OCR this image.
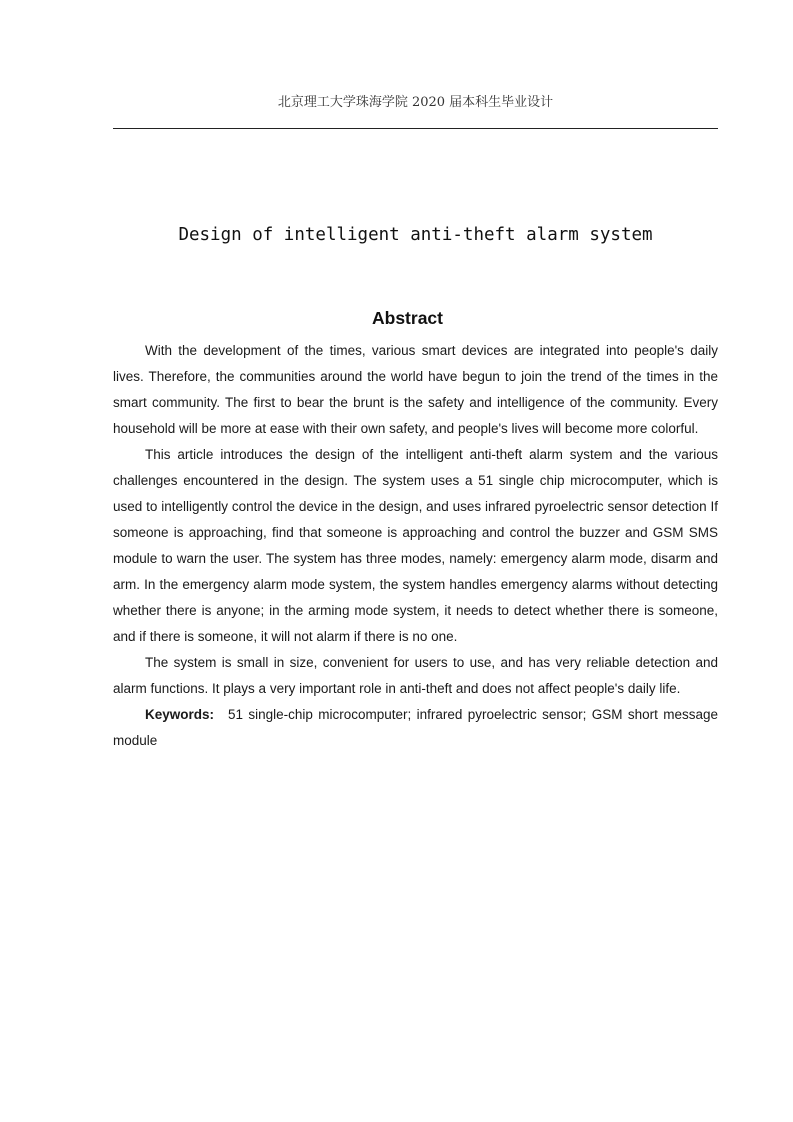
北京理工大学珠海学院 2020 届本科生毕业设计
Design of intelligent anti-theft alarm system
Abstract

With the development of the times, various smart devices are integrated into people's daily lives. Therefore, the communities around the world have begun to join the trend of the times in the smart community. The first to bear the brunt is the safety and intelligence of the community. Every household will be more at ease with their own safety, and people's lives will become more colorful.

This article introduces the design of the intelligent anti-theft alarm system and the various challenges encountered in the design. The system uses a 51 single chip microcomputer, which is used to intelligently control the device in the design, and uses infrared pyroelectric sensor detection If someone is approaching, find that someone is approaching and control the buzzer and GSM SMS module to warn the user. The system has three modes, namely: emergency alarm mode, disarm and arm. In the emergency alarm mode system, the system handles emergency alarms without detecting whether there is anyone; in the arming mode system, it needs to detect whether there is someone, and if there is someone, it will not alarm if there is no one.

The system is small in size, convenient for users to use, and has very reliable detection and alarm functions. It plays a very important role in anti-theft and does not affect people's daily life.

Keywords: 51 single-chip microcomputer; infrared pyroelectric sensor; GSM short message module
